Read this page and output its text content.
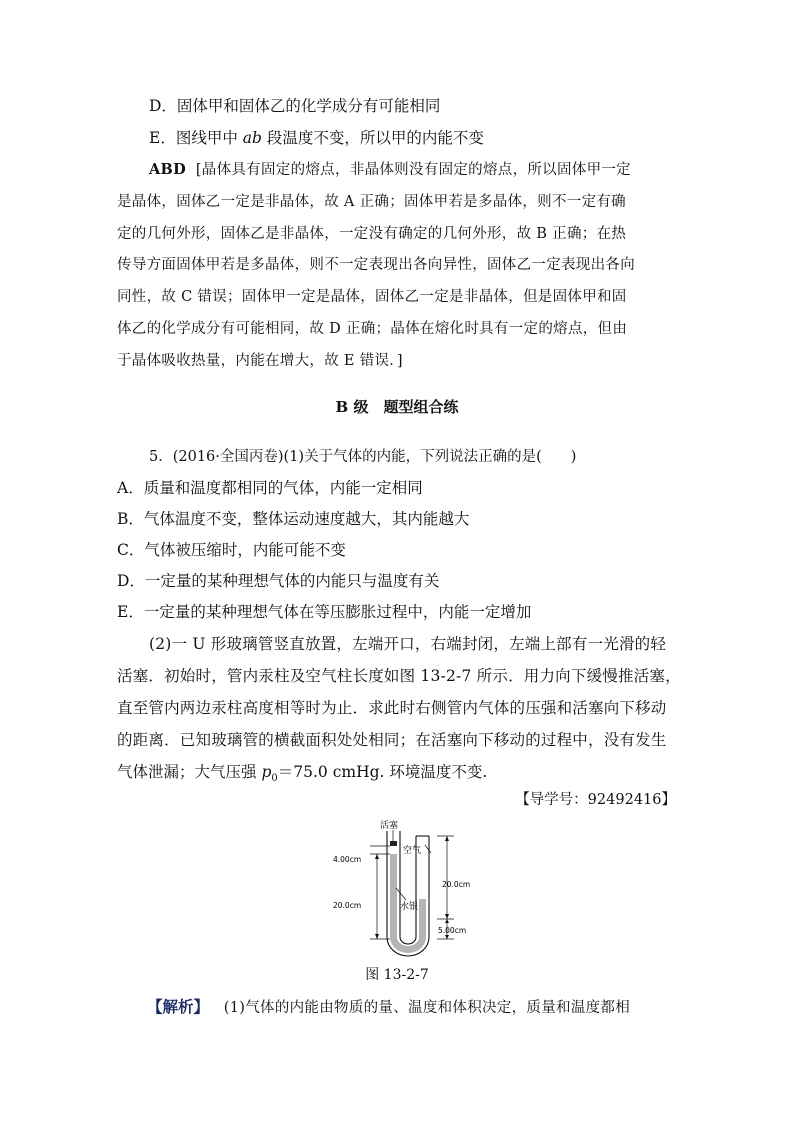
D．固体甲和固体乙的化学成分有可能相同
E．图线甲中 ab 段温度不变，所以甲的内能不变
ABD [晶体具有固定的熔点，非晶体则没有固定的熔点，所以固体甲一定
是晶体，固体乙一定是非晶体，故 A 正确；固体甲若是多晶体，则不一定有确
定的几何外形，固体乙是非晶体，一定没有确定的几何外形，故 B 正确；在热
传导方面固体甲若是多晶体，则不一定表现出各向异性，固体乙一定表现出各向
同性，故 C 错误；固体甲一定是晶体，固体乙一定是非晶体，但是固体甲和固
体乙的化学成分有可能相同，故 D 正确；晶体在熔化时具有一定的熔点，但由
于晶体吸收热量，内能在增大，故 E 错误．]
B 级　题型组合练
5．(2016·全国丙卷)(1)关于气体的内能，下列说法正确的是(　　)
A．质量和温度都相同的气体，内能一定相同
B．气体温度不变，整体运动速度越大，其内能越大
C．气体被压缩时，内能可能不变
D．一定量的某种理想气体的内能只与温度有关
E．一定量的某种理想气体在等压膨胀过程中，内能一定增加
(2)一 U 形玻璃管竖直放置，左端开口，右端封闭，左端上部有一光滑的轻
活塞．初始时，管内汞柱及空气柱长度如图 13-2-7 所示．用力向下缓慢推活塞，
直至管内两边汞柱高度相等时为止．求此时右侧管内气体的压强和活塞向下移动
的距离．已知玻璃管的横截面积处处相同；在活塞向下移动的过程中，没有发生
气体泄漏；大气压强 $p_0=75.0$ cmHg. 环境温度不变.
【导学号：92492416】
活塞
空气
水银
4.00cm
20.0cm
20.0cm
5.00cm
图 13-2-7
【解析】 (1)气体的内能由物质的量、温度和体积决定，质量和温度都相
